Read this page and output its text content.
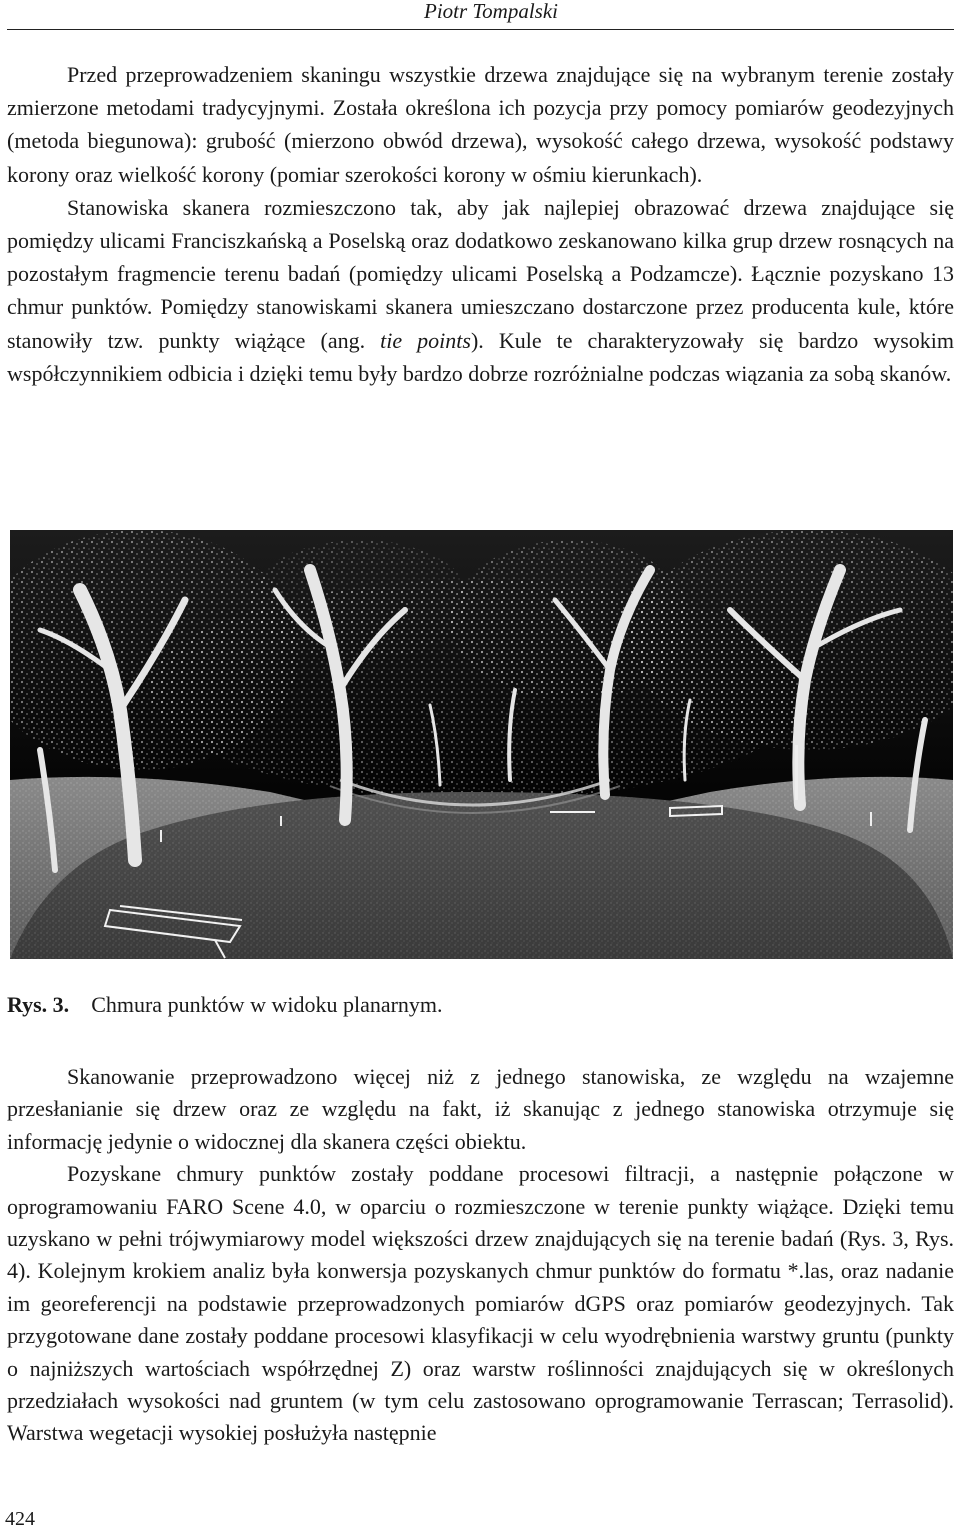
Piotr Tompalski

Przed przeprowadzeniem skaningu wszystkie drzewa znajdujące się na wybranym terenie zostały zmierzone metodami tradycyjnymi. Została określona ich pozycja przy pomocy pomiarów geodezyjnych (metoda biegunowa): grubość (mierzono obwód drzewa), wysokość całego drzewa, wysokość podstawy korony oraz wielkość korony (pomiar szerokości korony w ośmiu kierunkach).

Stanowiska skanera rozmieszczono tak, aby jak najlepiej obrazować drzewa znajdujące się pomiędzy ulicami Franciszkańską a Poselską oraz dodatkowo zeskanowano kilka grup drzew rosnących na pozostałym fragmencie terenu badań (pomiędzy ulicami Poselską a Podzamcze). Łącznie pozyskano 13 chmur punktów. Pomiędzy stanowiskami skanera umieszczano dostarczone przez producenta kule, które stanowiły tzw. punkty wiążące (ang. tie points). Kule te charakteryzowały się bardzo wysokim współczynnikiem odbicia i dzięki temu były bardzo dobrze rozróżnialne podczas wiązania za sobą skanów.

Rys. 3. Chmura punktów w widoku planarnym.

Skanowanie przeprowadzono więcej niż z jednego stanowiska, ze względu na wzajemne przesłanianie się drzew oraz ze względu na fakt, iż skanując z jednego stanowiska otrzymuje się informację jedynie o widocznej dla skanera części obiektu.

Pozyskane chmury punktów zostały poddane procesowi filtracji, a następnie połączone w oprogramowaniu FARO Scene 4.0, w oparciu o rozmieszczone w terenie punkty wiążące. Dzięki temu uzyskano w pełni trójwymiarowy model większości drzew znajdujących się na terenie badań (Rys. 3, Rys. 4). Kolejnym krokiem analiz była konwersja pozyskanych chmur punktów do formatu *.las, oraz nadanie im georeferencji na podstawie przeprowadzonych pomiarów dGPS oraz pomiarów geodezyjnych. Tak przygotowane dane zostały poddane procesowi klasyfikacji w celu wyodrębnienia warstwy gruntu (punkty o najniższych wartościach współrzędnej Z) oraz warstw roślinności znajdujących się w określonych przedziałach wysokości nad gruntem (w tym celu zastosowano oprogramowanie Terrascan; Terrasolid). Warstwa wegetacji wysokiej posłużyła następnie

424
